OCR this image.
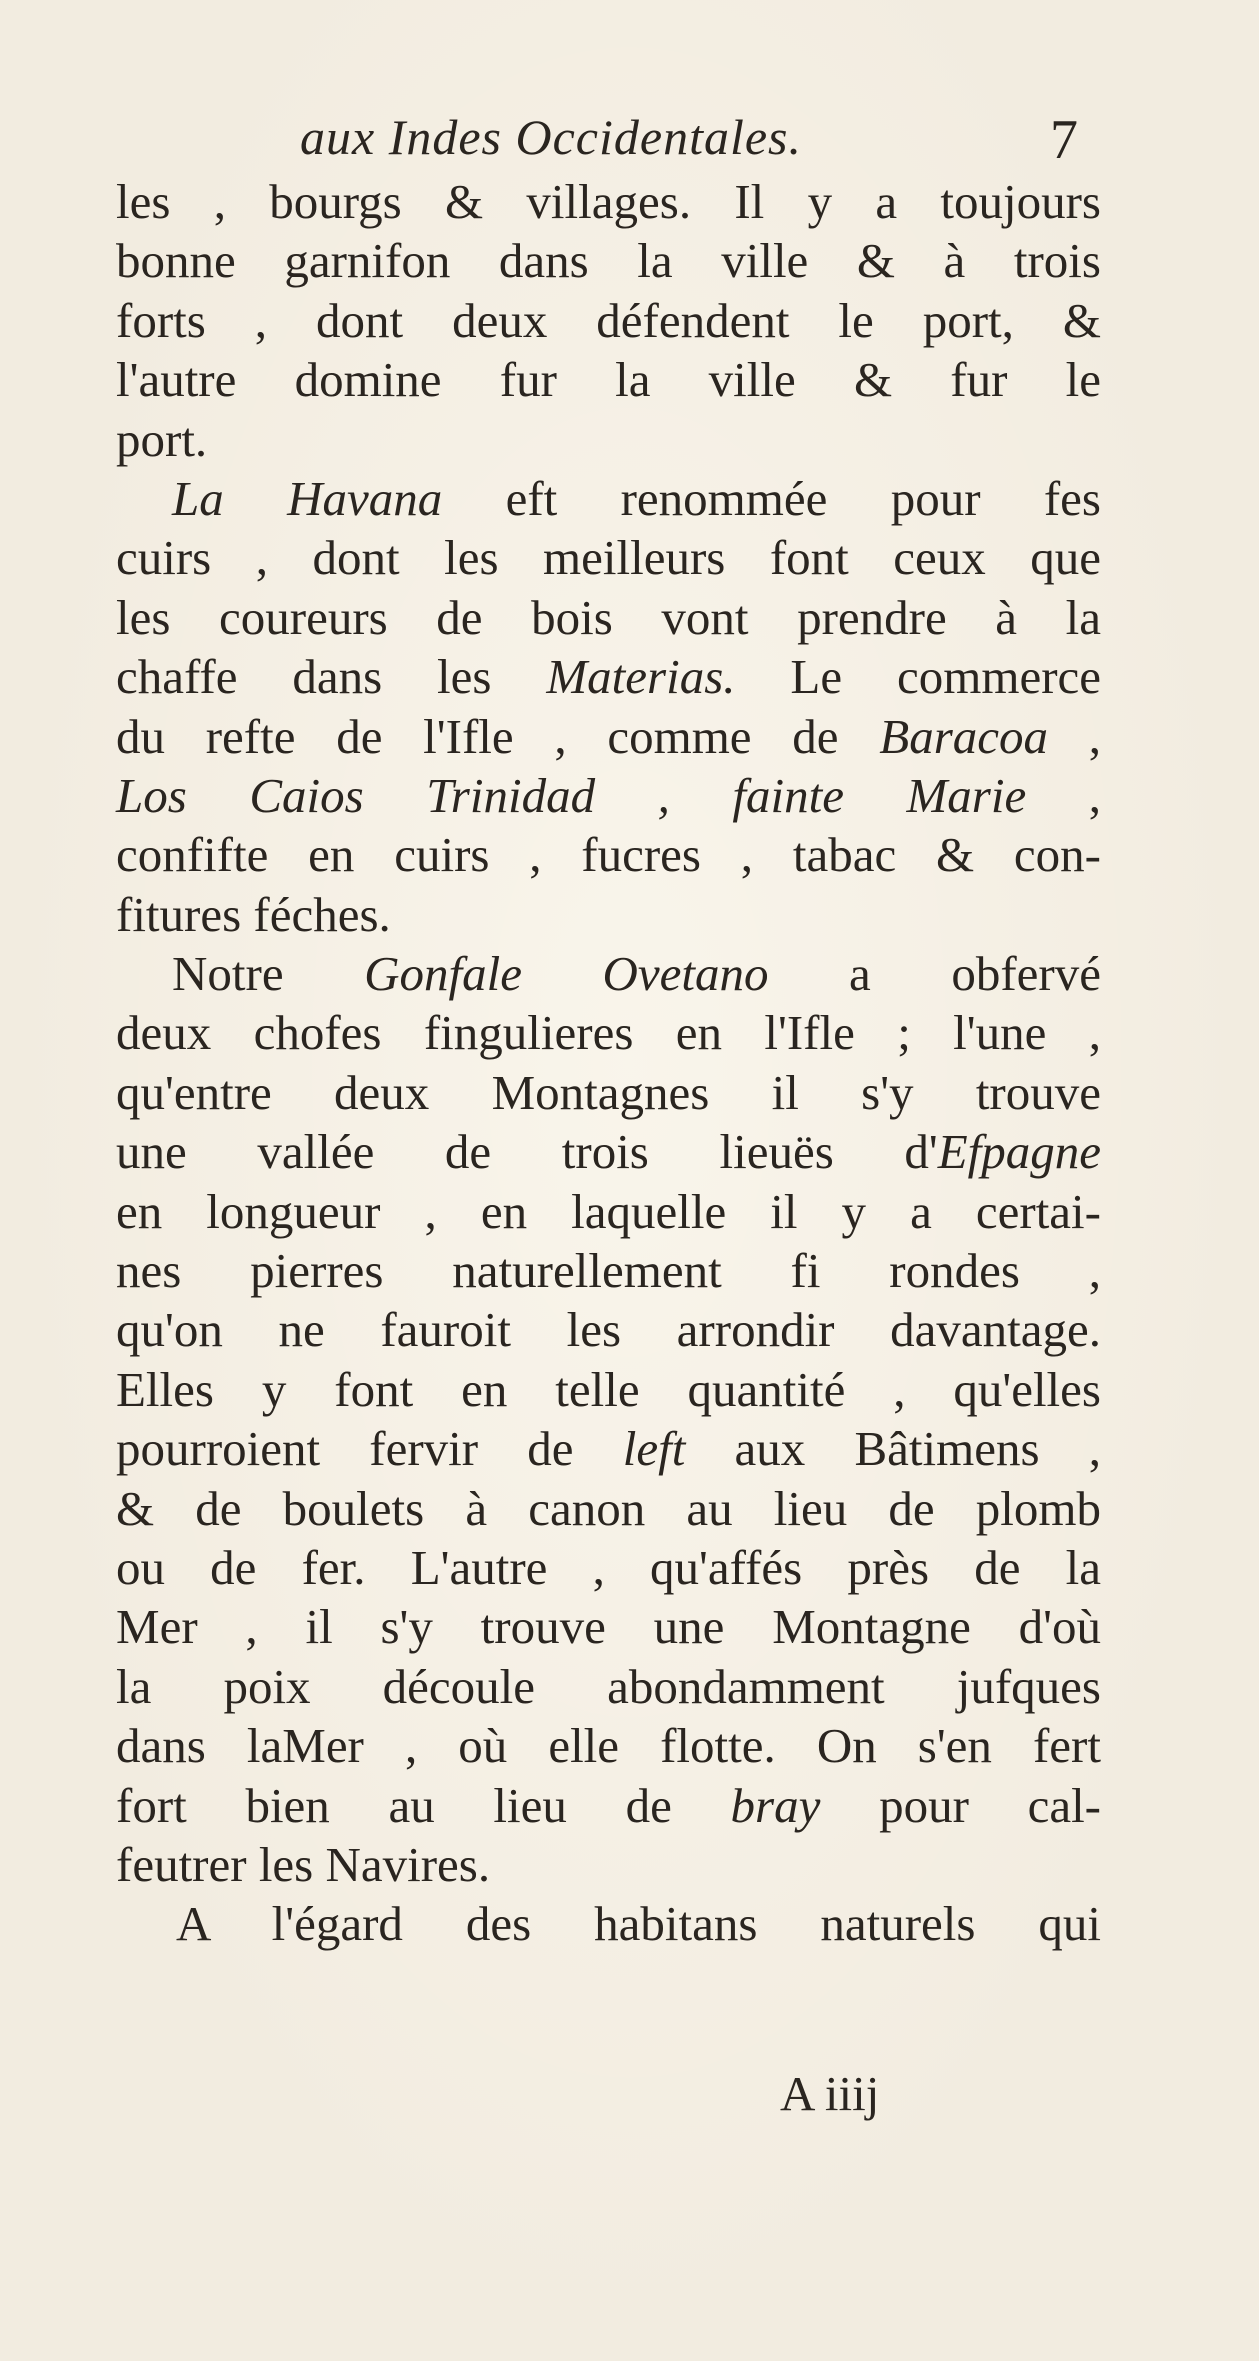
aux Indes Occidentales.	7
les , bourgs & villages. Il y a toujours
bonne garnifon dans la ville & à trois
forts , dont deux défendent le port, &
l'autre domine fur la ville & fur le
port.
La Havana eft renommée pour fes
cuirs , dont les meilleurs font ceux que
les coureurs de bois vont prendre à la
chaffe dans les Materias. Le commerce
du refte de l'Ifle , comme de Baracoa ,
Los Caios Trinidad , fainte Marie ,
confifte en cuirs , fucres , tabac & con-
fitures féches.
Notre Gonfale Ovetano a obfervé
deux chofes fingulieres en l'Ifle ; l'une ,
qu'entre deux Montagnes il s'y trouve
une vallée de trois lieuës d'Efpagne
en longueur , en laquelle il y a certai-
nes pierres naturellement fi rondes ,
qu'on ne fauroit les arrondir davantage.
Elles y font en telle quantité , qu'elles
pourroient fervir de left aux Bâtimens ,
& de boulets à canon au lieu de plomb
ou de fer. L'autre , qu'affés près de la
Mer , il s'y trouve une Montagne d'où
la poix découle abondamment jufques
dans laMer , où elle flotte. On s'en fert
fort bien au lieu de bray pour cal-
feutrer les Navires.
A l'égard des habitans naturels qui
A iiij
